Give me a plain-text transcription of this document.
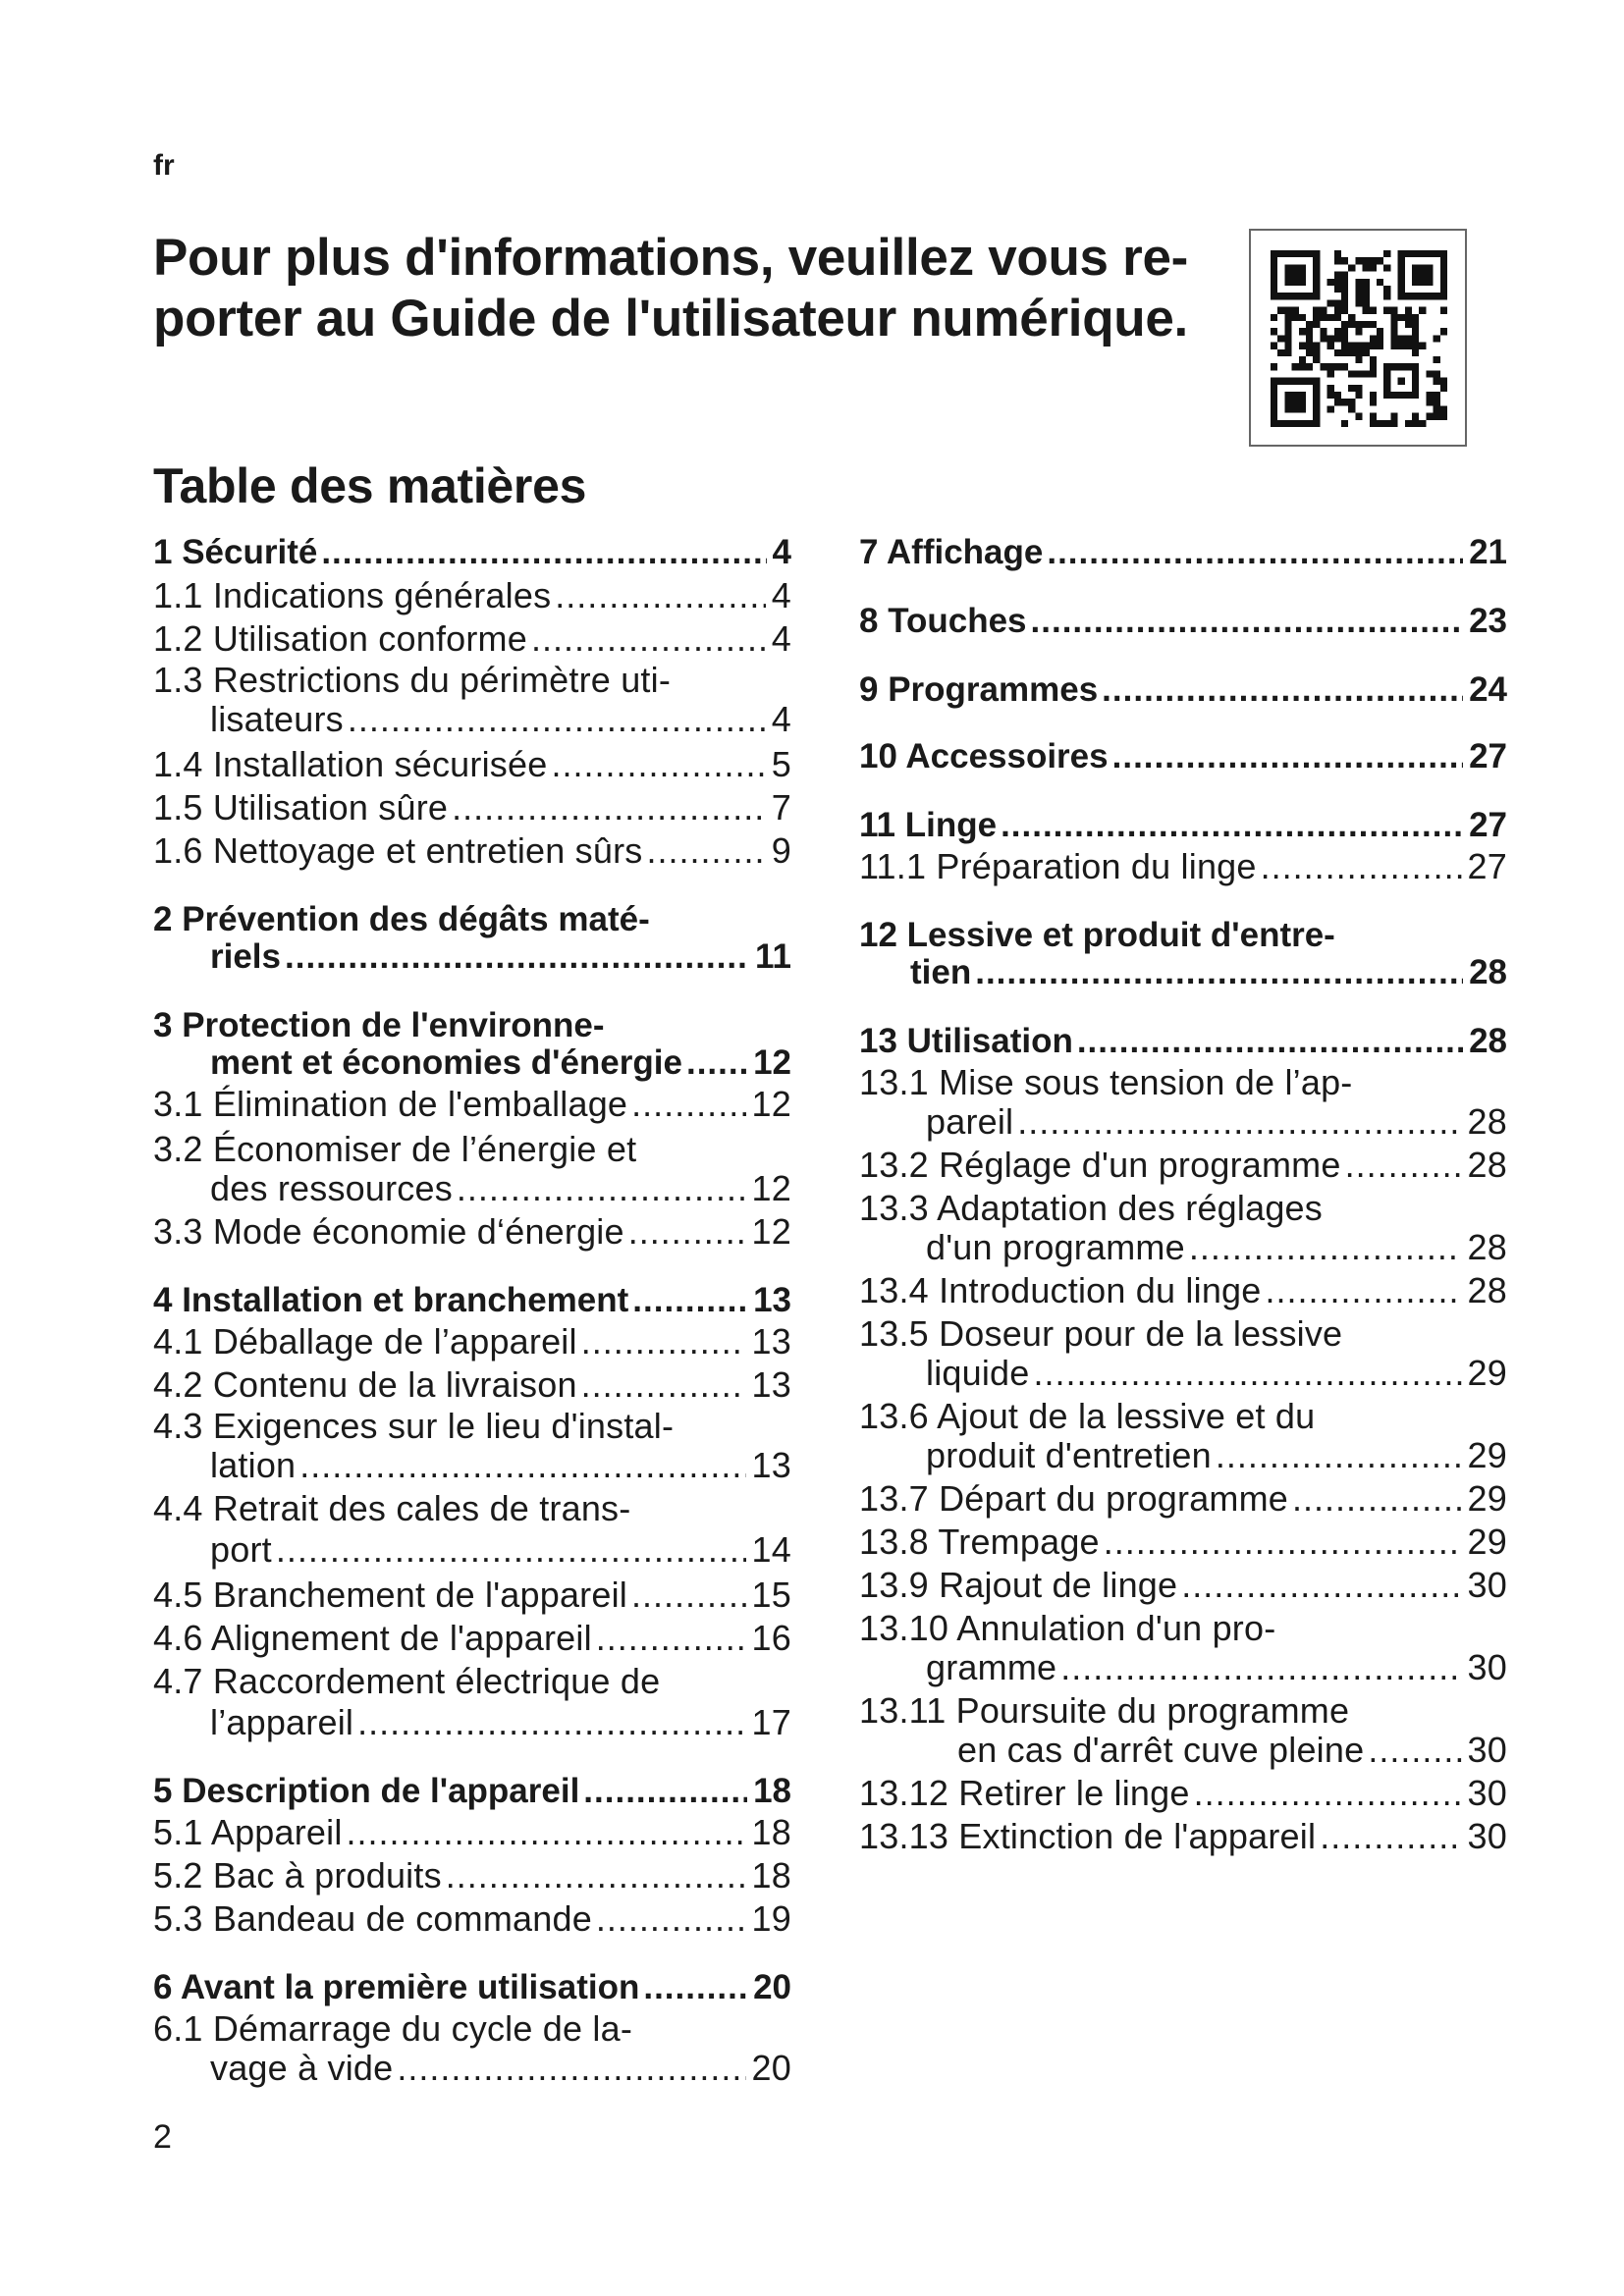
fr
Pour plus d'informations, veuillez vous re-
porter au Guide de l'utilisateur numérique.
Table des matières
1 Sécurité .....	4
1.1 Indications générales .....	4
1.2 Utilisation conforme .....	4
1.3 Restrictions du périmètre uti-
lisateurs .....	4
1.4 Installation sécurisée .....	5
1.5 Utilisation sûre .....	7
1.6 Nettoyage et entretien sûrs .....	9
2 Prévention des dégâts maté-
riels .....	11
3 Protection de l'environne-
ment et économies d'énergie ..... 12
3.1 Élimination de l'emballage .....	12
3.2 Économiser de l’énergie et
des ressources .....	12
3.3 Mode économie d‘énergie .....	12
4 Installation et branchement .....	13
4.1 Déballage de l’appareil .....	13
4.2 Contenu de la livraison .....	13
4.3 Exigences sur le lieu d'instal-
lation .....	13
4.4 Retrait des cales de trans-
port .....	14
4.5 Branchement de l'appareil .....	15
4.6 Alignement de l'appareil .....	16
4.7 Raccordement électrique de
l’appareil .....	17
5 Description de l'appareil .....	18
5.1 Appareil .....	18
5.2 Bac à produits .....	18
5.3 Bandeau de commande .....	19
6 Avant la première utilisation .....	20
6.1 Démarrage du cycle de la-
vage à vide .....	20
7 Affichage .....	21
8 Touches .....	23
9 Programmes .....	24
10 Accessoires .....	27
11 Linge .....	27
11.1 Préparation du linge .....	27
12 Lessive et produit d'entre-
tien .....	28
13 Utilisation .....	28
13.1 Mise sous tension de l’ap-
pareil .....	28
13.2 Réglage d'un programme .....	28
13.3 Adaptation des réglages
d'un programme .....	28
13.4 Introduction du linge .....	28
13.5 Doseur pour de la lessive
liquide .....	29
13.6 Ajout de la lessive et du
produit d'entretien .....	29
13.7 Départ du programme .....	29
13.8 Trempage .....	29
13.9 Rajout de linge .....	30
13.10 Annulation d'un pro-
gramme .....	30
13.11 Poursuite du programme
en cas d'arrêt cuve pleine .....	30
13.12 Retirer le linge .....	30
13.13 Extinction de l'appareil .....	30
2
